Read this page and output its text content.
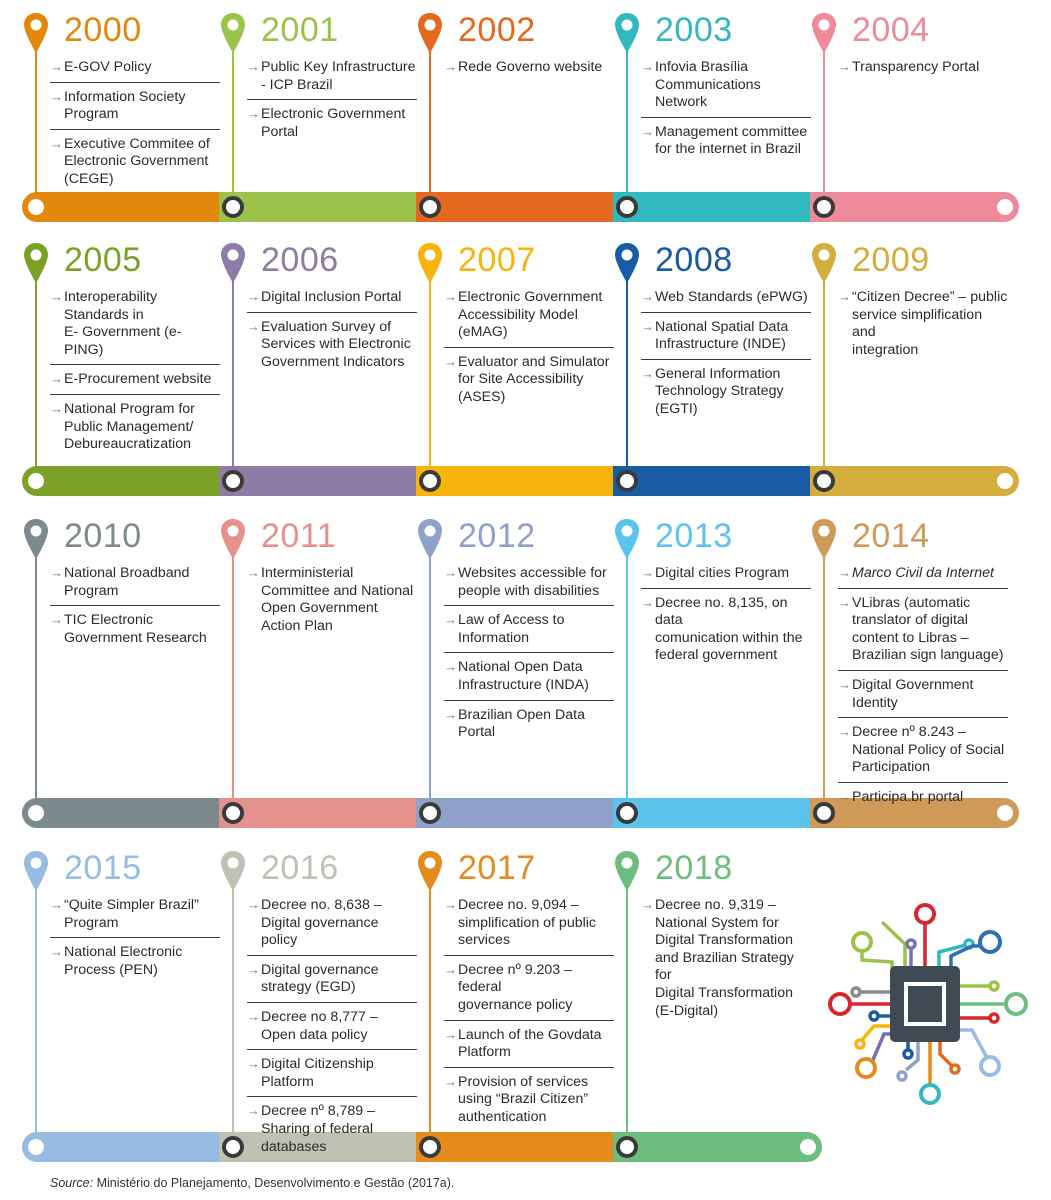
2000
→ E-GOV Policy
→ Information Society
Program
→ Executive Commitee of
Electronic Government
(CEGE)
2001
→ Public Key Infrastructure
- ICP Brazil
→ Electronic Government
Portal
2002
→ Rede Governo website
2003
→ Infovia Brasília
Communications
Network
→ Management committee
for the internet in Brazil
2004
→ Transparency Portal
2005
→ Interoperability
Standards in
E- Government (e-PING)
→ E-Procurement website
→ National Program for
Public Management/
Debureaucratization
2006
→ Digital Inclusion Portal
→ Evaluation Survey of
Services with Electronic
Government Indicators
2007
→ Electronic Government
Accessibility Model
(eMAG)
→ Evaluator and Simulator
for Site Accessibility
(ASES)
2008
→ Web Standards (ePWG)
→ National Spatial Data
Infrastructure (INDE)
→ General Information
Technology Strategy
(EGTI)
2009
→ “Citizen Decree” – public
service simplification and
integration
2010
→ National Broadband
Program
→ TIC Electronic
Government Research
2011
→ Interministerial
Committee and National
Open Government
Action Plan
2012
→ Websites accessible for
people with disabilities
→ Law of Access to
Information
→ National Open Data
Infrastructure (INDA)
→ Brazilian Open Data
Portal
2013
→ Digital cities Program
→ Decree no. 8,135, on data
comunication within the
federal government
2014
→ Marco Civil da Internet
→ VLibras (automatic
translator of digital
content to Libras –
Brazilian sign language)
→ Digital Government
Identity
→ Decree nº 8.243 –
National Policy of Social
Participation
→ Participa.br portal
2015
→ “Quite Simpler Brazil”
Program
→ National Electronic
Process (PEN)
2016
→ Decree no. 8,638 –
Digital governance policy
→ Digital governance
strategy (EGD)
→ Decree no 8,777 –
Open data policy
→ Digital Citizenship
Platform
→ Decree nº 8,789 –
Sharing of federal
databases
2017
→ Decree no. 9,094 –
simplification of public
services
→ Decree nº 9.203 – federal
governance policy
→ Launch of the Govdata
Platform
→ Provision of services
using “Brazil Citizen”
authentication
2018
→ Decree no. 9,319 –
National System for
Digital Transformation
and Brazilian Strategy for
Digital Transformation
(E-Digital)
Source: Ministério do Planejamento, Desenvolvimento e Gestão (2017a).
